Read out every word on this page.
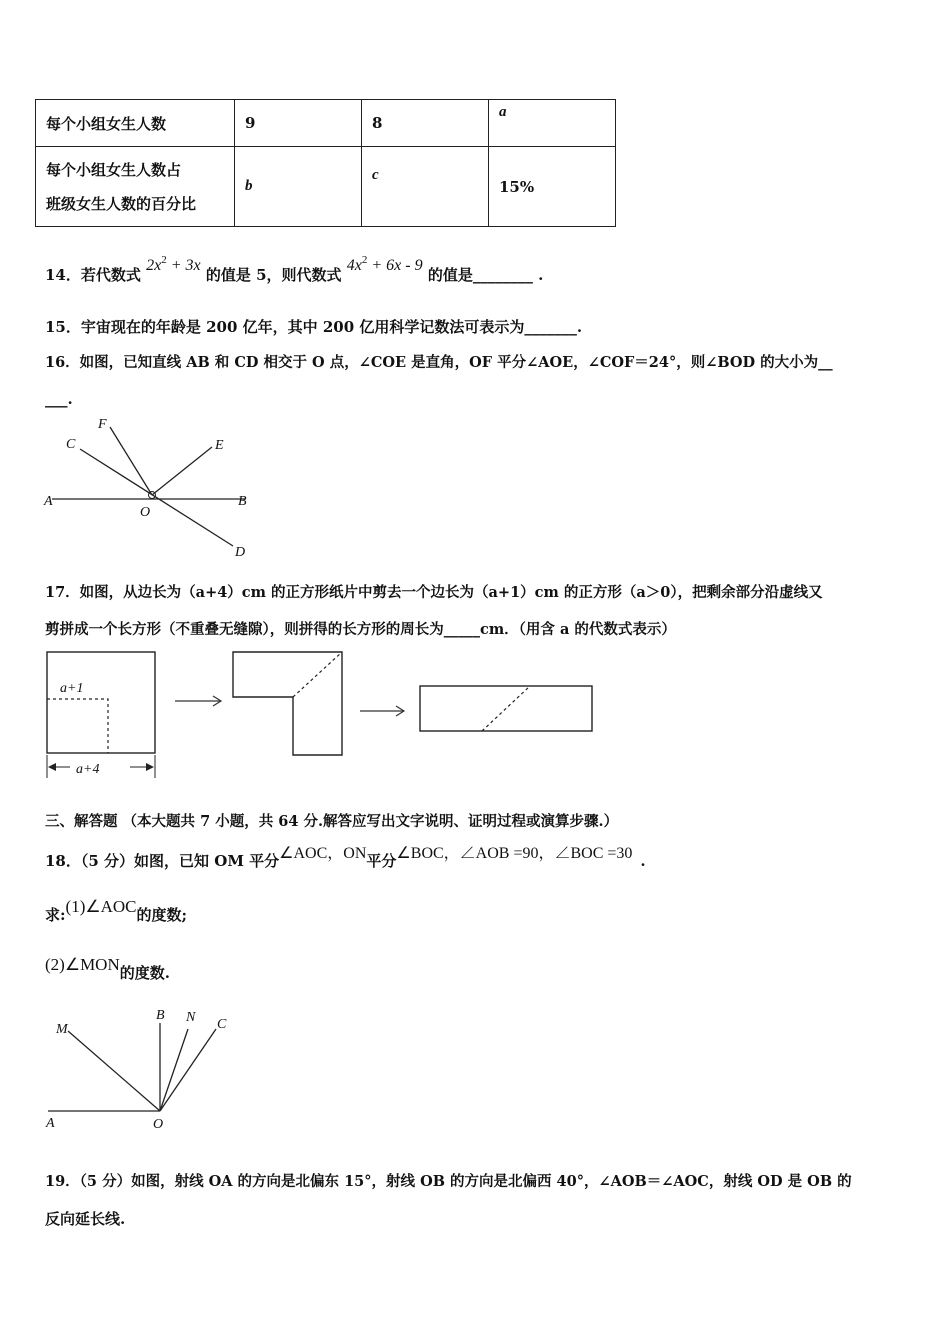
每个小组女生人数	9	8	a
每个小组女生人数占
班级女生人数的百分比	b	c	15%
14．若代数式 $2x^2 + 3x$ 的值是 5，则代数式 $4x^2 + 6x - 9$ 的值是________ .
15．宇宙现在的年龄是 200 亿年，其中 200 亿用科学记数法可表示为_______.
16．如图，已知直线 AB 和 CD 相交于 O 点，∠COE 是直角，OF 平分∠AOE，∠COF＝24°，则∠BOD 的大小为__
___.
A	B
C
D
E
F
O
17．如图，从边长为（a+4）cm 的正方形纸片中剪去一个边长为（a+1）cm 的正方形（a＞0），把剩余部分沿虚线又
剪拼成一个长方形（不重叠无缝隙），则拼得的长方形的周长为_____cm．（用含 a 的代数式表示）
a+1
a+4
三、解答题 （本大题共 7 小题，共 64 分.解答应写出文字说明、证明过程或演算步骤.）
18．（5 分）如图，已知 OM 平分∠AOC，ON平分∠BOC，∠AOB =90，∠BOC =30 .
求:(1)∠AOC的度数;
(2)∠MON的度数.
M
B N C
A	O
19．（5 分）如图，射线 OA 的方向是北偏东 15°，射线 OB 的方向是北偏西 40°，∠AOB＝∠AOC，射线 OD 是 OB 的
反向延长线.
